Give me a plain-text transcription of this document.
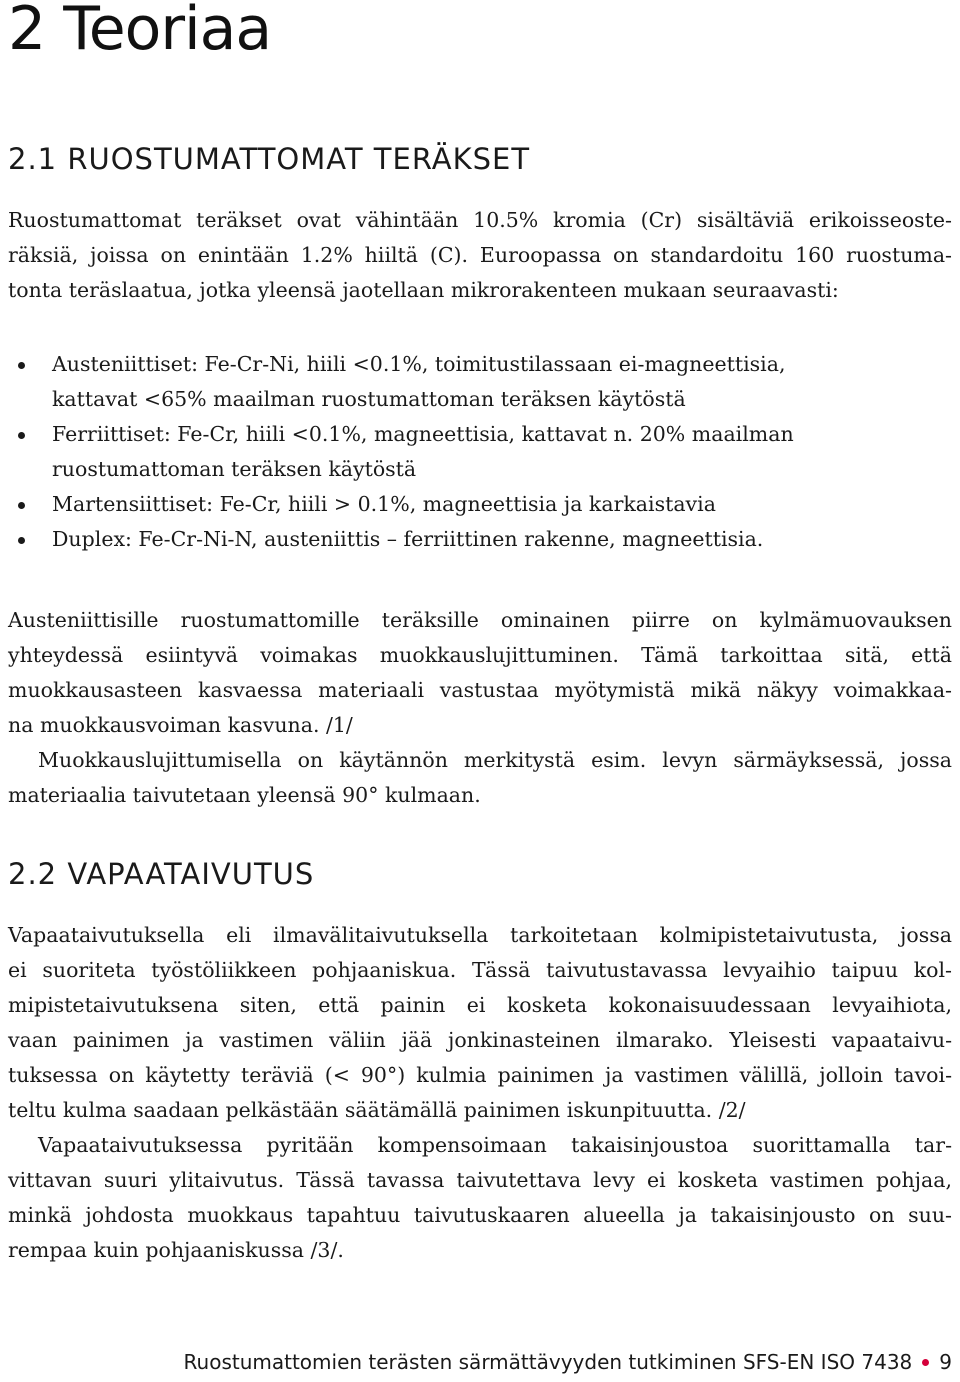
2 Teoriaa
2.1 RUOSTUMATTOMAT TERÄKSET

Ruostumattomat teräkset ovat vähintään 10.5% kromia (Cr) sisältäviä erikoisseoste-
räksiä, joissa on enintään 1.2% hiiltä (C). Euroopassa on standardoitu 160 ruostuma-
tonta teräslaatua, jotka yleensä jaotellaan mikrorakenteen mukaan seuraavasti:

Austeniittiset: Fe-Cr-Ni, hiili <0.1%, toimitustilassaan ei-magneettisia,
kattavat <65% maailman ruostumattoman teräksen käytöstä
Ferriittiset: Fe-Cr, hiili <0.1%, magneettisia, kattavat n. 20% maailman
ruostumattoman teräksen käytöstä
Martensiittiset: Fe-Cr, hiili > 0.1%, magneettisia ja karkaistavia
Duplex: Fe-Cr-Ni-N, austeniittis – ferriittinen rakenne, magneettisia.

Austeniittisille ruostumattomille teräksille ominainen piirre on kylmämuovauksen
yhteydessä esiintyvä voimakas muokkauslujittuminen. Tämä tarkoittaa sitä, että
muokkausasteen kasvaessa materiaali vastustaa myötymistä mikä näkyy voimakkaa-
na muokkausvoiman kasvuna. /1/
Muokkauslujittumisella on käytännön merkitystä esim. levyn särmäyksessä, jossa
materiaalia taivutetaan yleensä 90° kulmaan.

2.2 VAPAATAIVUTUS

Vapaataivutuksella eli ilmavälitaivutuksella tarkoitetaan kolmipistetaivutusta, jossa
ei suoriteta työstöliikkeen pohjaaniskua. Tässä taivutustavassa levyaihio taipuu kol-
mipistetaivutuksena siten, että painin ei kosketa kokonaisuudessaan levyaihiota,
vaan painimen ja vastimen väliin jää jonkinasteinen ilmarako. Yleisesti vapaataivu-
tuksessa on käytetty teräviä (< 90°) kulmia painimen ja vastimen välillä, jolloin tavoi-
teltu kulma saadaan pelkästään säätämällä painimen iskunpituutta. /2/
Vapaataivutuksessa pyritään kompensoimaan takaisinjoustoa suorittamalla tar-
vittavan suuri ylitaivutus. Tässä tavassa taivutettava levy ei kosketa vastimen pohjaa,
minkä johdosta muokkaus tapahtuu taivutuskaaren alueella ja takaisinjousto on suu-
rempaa kuin pohjaaniskussa /3/.

Ruostumattomien terästen särmättävyyden tutkiminen SFS-EN ISO 7438 9
